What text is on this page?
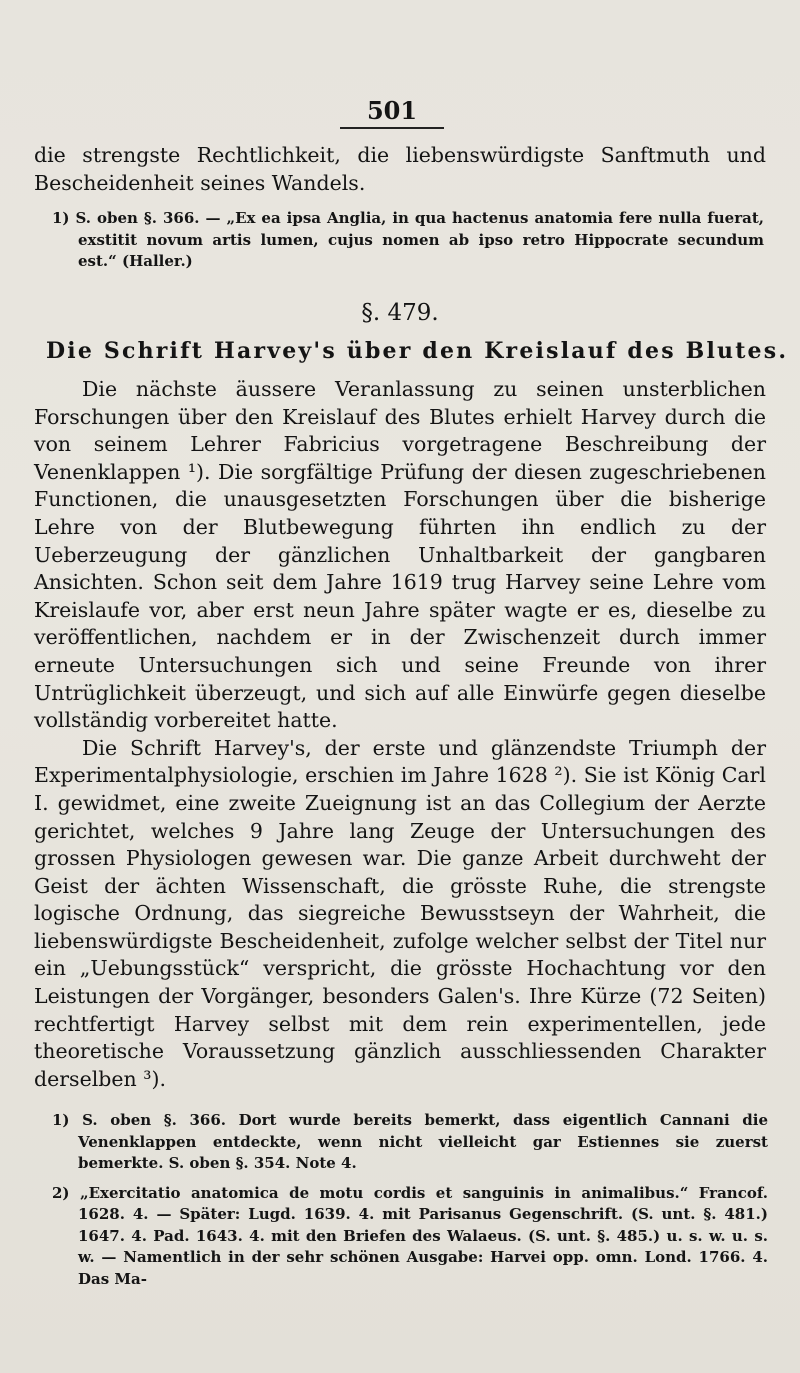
501

die strengste Rechtlichkeit, die liebenswürdigste Sanftmuth und Bescheidenheit seines Wandels.

1) S. oben §. 366. — „Ex ea ipsa Anglia, in qua hactenus anatomia fere nulla fuerat, exstitit novum artis lumen, cujus nomen ab ipso retro Hippocrate secundum est.“ (Haller.)

§. 479.
Die Schrift Harvey's über den Kreislauf des Blutes.

Die nächste äussere Veranlassung zu seinen unsterblichen Forschungen über den Kreislauf des Blutes erhielt Harvey durch die von seinem Lehrer Fabricius vorgetragene Beschreibung der Venenklappen ¹). Die sorgfältige Prüfung der diesen zugeschriebenen Functionen, die unausgesetzten Forschungen über die bisherige Lehre von der Blutbewegung führten ihn endlich zu der Ueberzeugung der gänzlichen Unhaltbarkeit der gangbaren Ansichten. Schon seit dem Jahre 1619 trug Harvey seine Lehre vom Kreislaufe vor, aber erst neun Jahre später wagte er es, dieselbe zu veröffentlichen, nachdem er in der Zwischenzeit durch immer erneute Untersuchungen sich und seine Freunde von ihrer Untrüglichkeit überzeugt, und sich auf alle Einwürfe gegen dieselbe vollständig vorbereitet hatte.

Die Schrift Harvey's, der erste und glänzendste Triumph der Experimentalphysiologie, erschien im Jahre 1628 ²). Sie ist König Carl I. gewidmet, eine zweite Zueignung ist an das Collegium der Aerzte gerichtet, welches 9 Jahre lang Zeuge der Untersuchungen des grossen Physiologen gewesen war. Die ganze Arbeit durchweht der Geist der ächten Wissenschaft, die grösste Ruhe, die strengste logische Ordnung, das siegreiche Bewusstseyn der Wahrheit, die liebenswürdigste Bescheidenheit, zufolge welcher selbst der Titel nur ein „Uebungsstück“ verspricht, die grösste Hochachtung vor den Leistungen der Vorgänger, besonders Galen's. Ihre Kürze (72 Seiten) rechtfertigt Harvey selbst mit dem rein experimentellen, jede theoretische Voraussetzung gänzlich ausschliessenden Charakter derselben ³).

1) S. oben §. 366. Dort wurde bereits bemerkt, dass eigentlich Cannani die Venenklappen entdeckte, wenn nicht vielleicht gar Estiennes sie zuerst bemerkte. S. oben §. 354. Note 4.

2) „Exercitatio anatomica de motu cordis et sanguinis in animalibus.“ Francof. 1628. 4. — Später: Lugd. 1639. 4. mit Parisanus Gegenschrift. (S. unt. §. 481.) 1647. 4. Pad. 1643. 4. mit den Briefen des Walaeus. (S. unt. §. 485.) u. s. w. u. s. w. — Namentlich in der sehr schönen Ausgabe: Harvei opp. omn. Lond. 1766. 4. Das Ma-
